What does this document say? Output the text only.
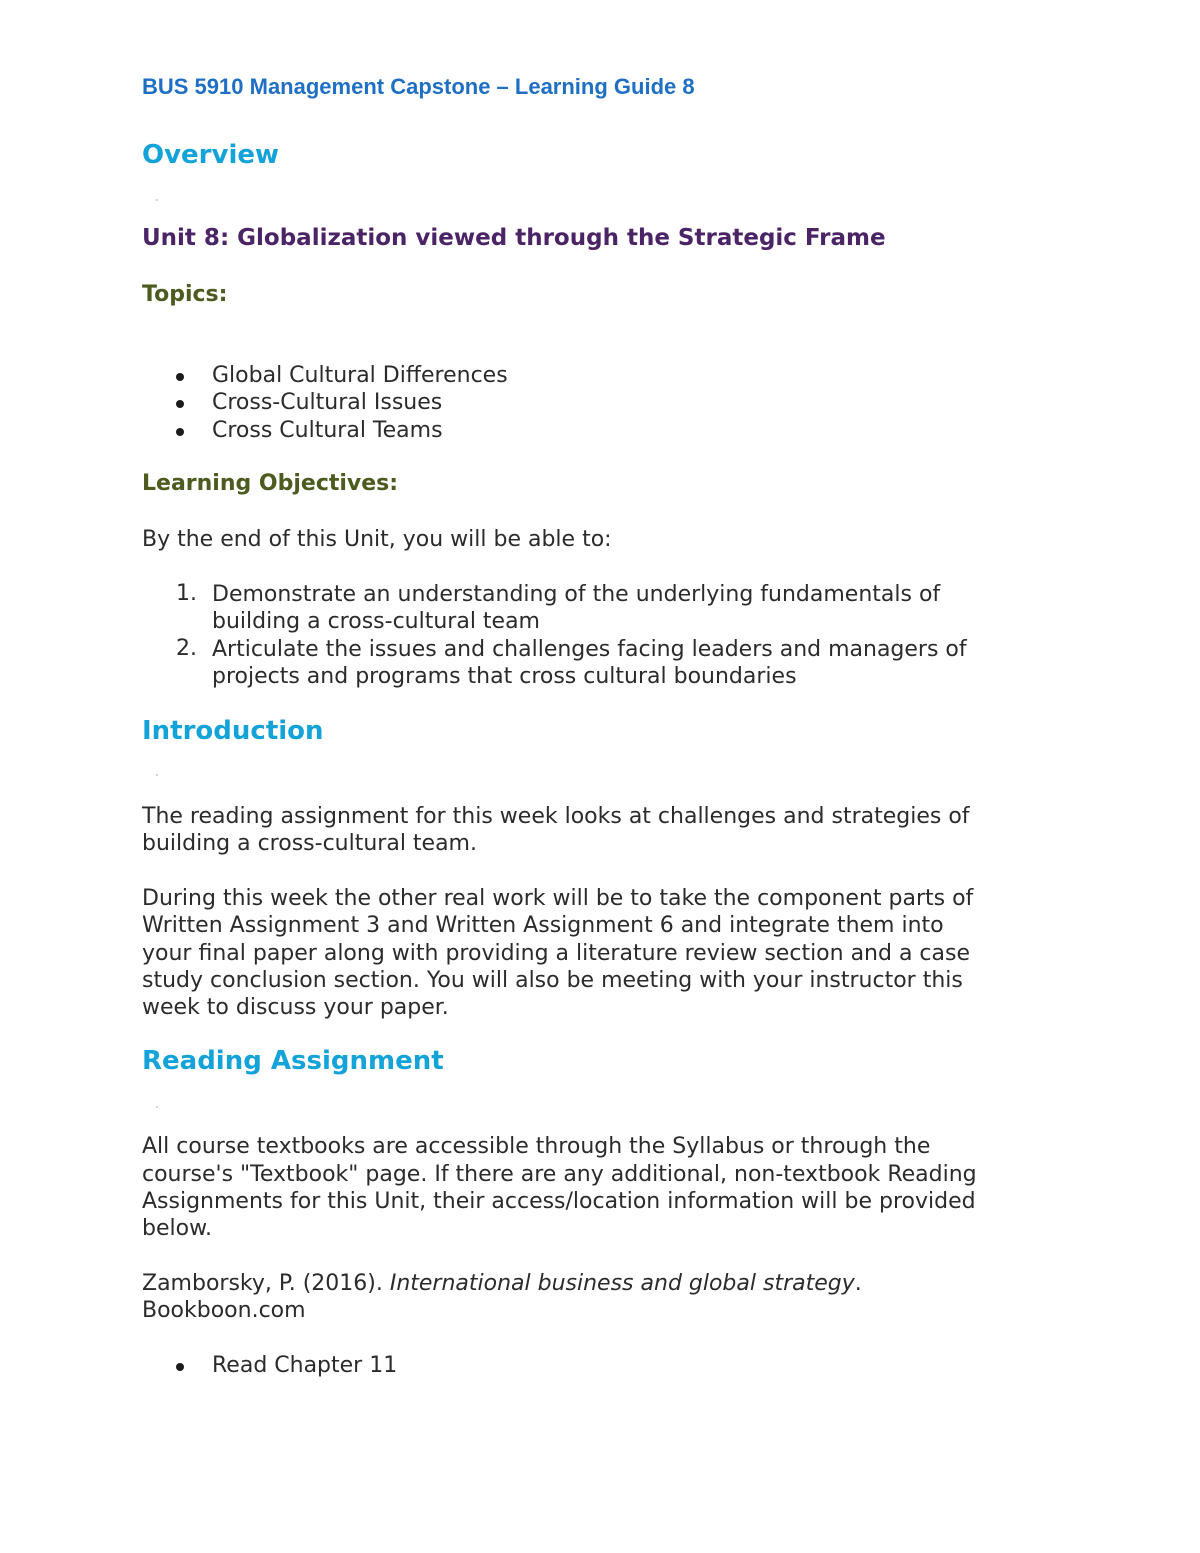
BUS 5910 Management Capstone – Learning Guide 8
Overview
Unit 8: Globalization viewed through the Strategic Frame
Topics:
Global Cultural Differences
Cross-Cultural Issues
Cross Cultural Teams
Learning Objectives:

By the end of this Unit, you will be able to:

1. Demonstrate an understanding of the underlying fundamentals of
building a cross-cultural team
2. Articulate the issues and challenges facing leaders and managers of
projects and programs that cross cultural boundaries
Introduction

The reading assignment for this week looks at challenges and strategies of

building a cross-cultural team.

During this week the other real work will be to take the component parts of

Written Assignment 3 and Written Assignment 6 and integrate them into

your final paper along with providing a literature review section and a case

study conclusion section. You will also be meeting with your instructor this

week to discuss your paper.

Reading Assignment

All course textbooks are accessible through the Syllabus or through the

course's "Textbook" page. If there are any additional, non-textbook Reading

Assignments for this Unit, their access/location information will be provided

below.

Zamborsky, P. (2016). International business and global strategy.

Bookboon.com

Read Chapter 11
